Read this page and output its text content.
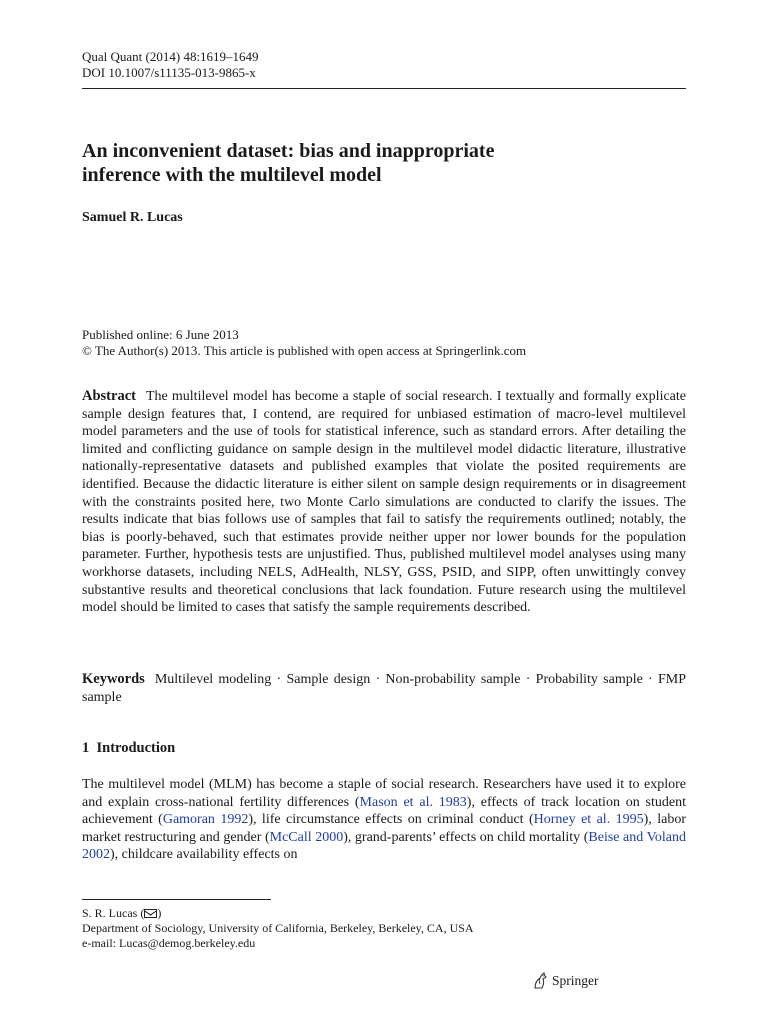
Qual Quant (2014) 48:1619–1649
DOI 10.1007/s11135-013-9865-x
An inconvenient dataset: bias and inappropriate
inference with the multilevel model
Samuel R. Lucas
Published online: 6 June 2013
© The Author(s) 2013. This article is published with open access at Springerlink.com

Abstract The multilevel model has become a staple of social research. I textually and formally explicate sample design features that, I contend, are required for unbiased estimation of macro-level multilevel model parameters and the use of tools for statistical inference, such as standard errors. After detailing the limited and conflicting guidance on sample design in the multilevel model didactic literature, illustrative nationally-representative datasets and published examples that violate the posited requirements are identified. Because the didactic literature is either silent on sample design requirements or in disagreement with the constraints posited here, two Monte Carlo simulations are conducted to clarify the issues. The results indicate that bias follows use of samples that fail to satisfy the requirements outlined; notably, the bias is poorly-behaved, such that estimates provide neither upper nor lower bounds for the population parameter. Further, hypothesis tests are unjustified. Thus, published multilevel model analyses using many workhorse datasets, including NELS, AdHealth, NLSY, GSS, PSID, and SIPP, often unwittingly convey substantive results and theoretical conclusions that lack foundation. Future research using the multilevel model should be limited to cases that satisfy the sample requirements described.

Keywords Multilevel modeling · Sample design · Non-probability sample · Probability sample · FMP sample

1 Introduction

The multilevel model (MLM) has become a staple of social research. Researchers have used it to explore and explain cross-national fertility differences (Mason et al. 1983), effects of track location on student achievement (Gamoran 1992), life circumstance effects on criminal conduct (Horney et al. 1995), labor market restructuring and gender (McCall 2000), grand-parents’ effects on child mortality (Beise and Voland 2002), childcare availability effects on

S. R. Lucas ( )
Department of Sociology, University of California, Berkeley, Berkeley, CA, USA
e-mail: Lucas@demog.berkeley.edu
Springer
